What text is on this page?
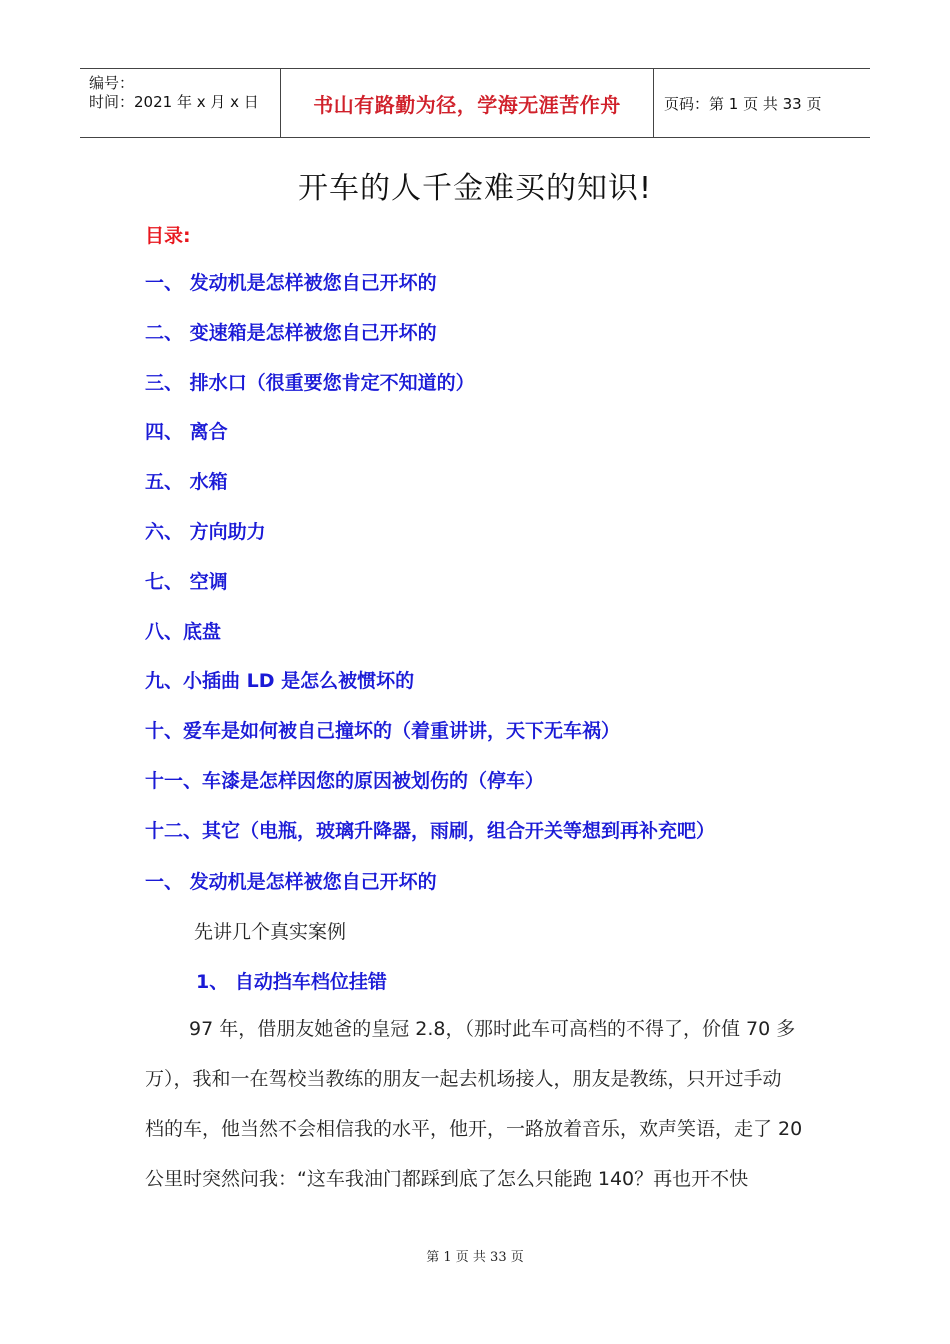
编号：
时间：2021 年 x 月 x 日	书山有路勤为径，学海无涯苦作舟	页码：第 1 页 共 33 页
开车的人千金难买的知识!
目录:
一、 发动机是怎样被您自己开坏的
二、 变速箱是怎样被您自己开坏的
三、 排水口（很重要您肯定不知道的）
四、 离合
五、 水箱
六、 方向助力
七、 空调
八、底盘
九、小插曲 LD 是怎么被惯坏的
十、爱车是如何被自己撞坏的（着重讲讲，天下无车祸）
十一、车漆是怎样因您的原因被划伤的（停车）
十二、其它（电瓶，玻璃升降器，雨刷，组合开关等想到再补充吧）
一、 发动机是怎样被您自己开坏的
先讲几个真实案例
1、 自动挡车档位挂错
97 年，借朋友她爸的皇冠 2.8，（那时此车可高档的不得了，价值 70 多
万），我和一在驾校当教练的朋友一起去机场接人，朋友是教练，只开过手动
档的车，他当然不会相信我的水平，他开，一路放着音乐，欢声笑语，走了 20
公里时突然问我：“这车我油门都踩到底了怎么只能跑 140？再也开不快
第 1 页 共 33 页
